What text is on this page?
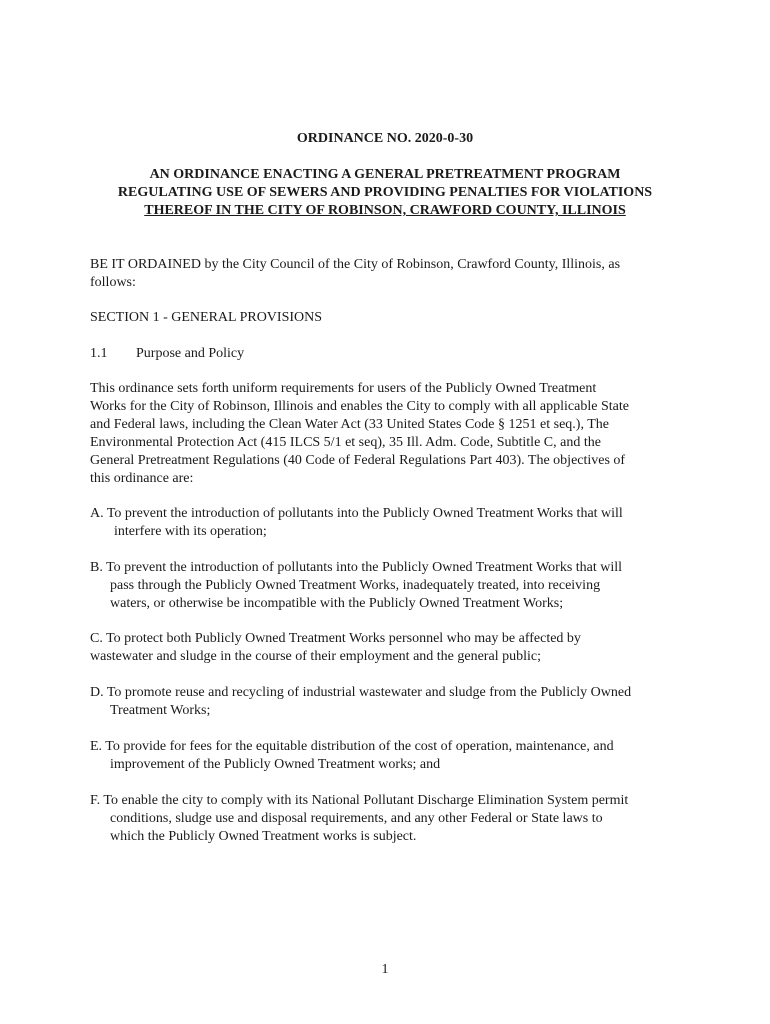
ORDINANCE NO. 2020-0-30
AN ORDINANCE ENACTING A GENERAL PRETREATMENT PROGRAM
REGULATING USE OF SEWERS AND PROVIDING PENALTIES FOR VIOLATIONS
THEREOF IN THE CITY OF ROBINSON, CRAWFORD COUNTY, ILLINOIS
BE IT ORDAINED by the City Council of the City of Robinson, Crawford County, Illinois, as
follows:
SECTION 1 - GENERAL PROVISIONS
1.1 Purpose and Policy
This ordinance sets forth uniform requirements for users of the Publicly Owned Treatment
Works for the City of Robinson, Illinois and enables the City to comply with all applicable State
and Federal laws, including the Clean Water Act (33 United States Code § 1251 et seq.), The
Environmental Protection Act (415 ILCS 5/1 et seq), 35 Ill. Adm. Code, Subtitle C, and the
General Pretreatment Regulations (40 Code of Federal Regulations Part 403). The objectives of
this ordinance are:
A. To prevent the introduction of pollutants into the Publicly Owned Treatment Works that will
interfere with its operation;
B. To prevent the introduction of pollutants into the Publicly Owned Treatment Works that will
pass through the Publicly Owned Treatment Works, inadequately treated, into receiving
waters, or otherwise be incompatible with the Publicly Owned Treatment Works;
C. To protect both Publicly Owned Treatment Works personnel who may be affected by
wastewater and sludge in the course of their employment and the general public;
D. To promote reuse and recycling of industrial wastewater and sludge from the Publicly Owned
Treatment Works;
E. To provide for fees for the equitable distribution of the cost of operation, maintenance, and
improvement of the Publicly Owned Treatment works; and
F. To enable the city to comply with its National Pollutant Discharge Elimination System permit
conditions, sludge use and disposal requirements, and any other Federal or State laws to
which the Publicly Owned Treatment works is subject.
1
